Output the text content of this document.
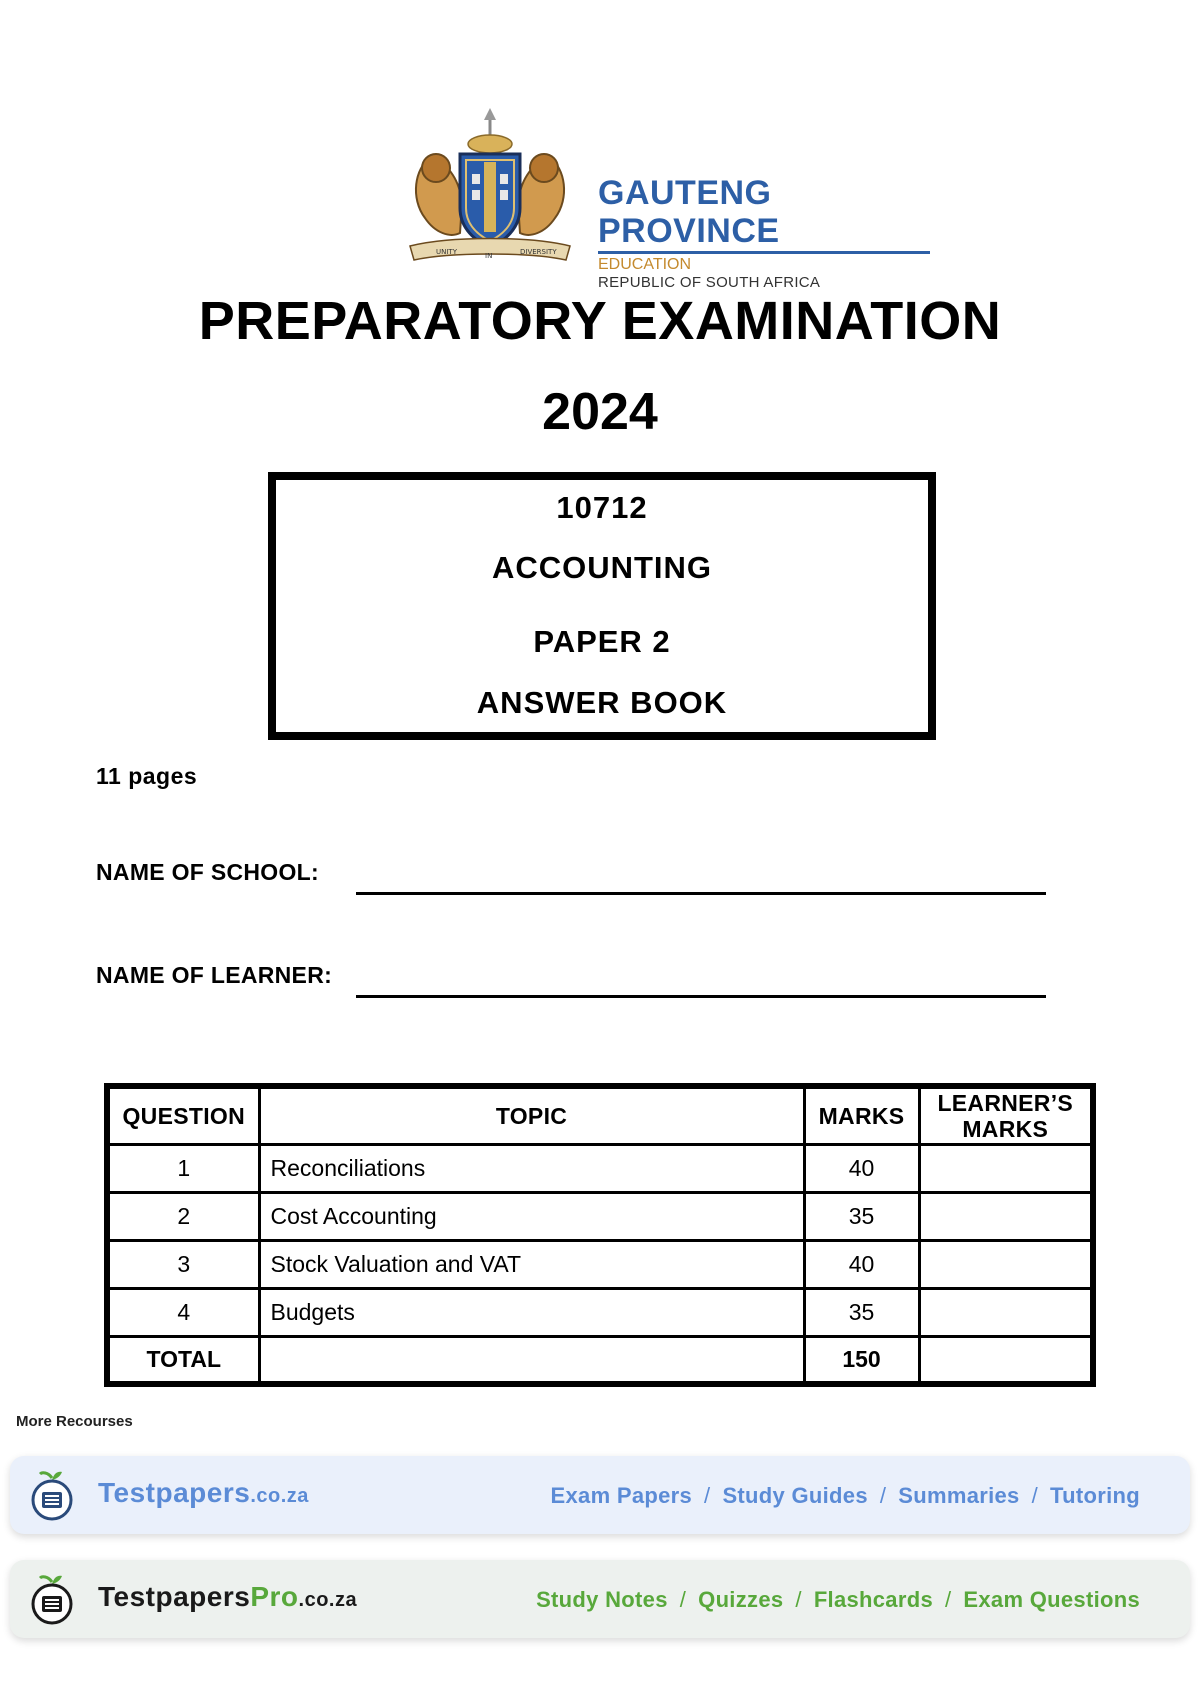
UNITY	IN	DIVERSITY
GAUTENG PROVINCE
EDUCATION
REPUBLIC OF SOUTH AFRICA
PREPARATORY EXAMINATION
2024
10712
ACCOUNTING
PAPER 2
ANSWER BOOK
11 pages
NAME OF SCHOOL:
NAME OF LEARNER:
QUESTION	TOPIC	MARKS	LEARNER’S
MARKS
1	Reconciliations	40	
2	Cost Accounting	35	
3	Stock Valuation and VAT	40	
4	Budgets	35	
TOTAL		150	
More Recourses
Testpapers.co.za	Exam Papers / Study Guides / Summaries / Tutoring
TestpapersPro.co.za	Study Notes / Quizzes / Flashcards / Exam Questions
